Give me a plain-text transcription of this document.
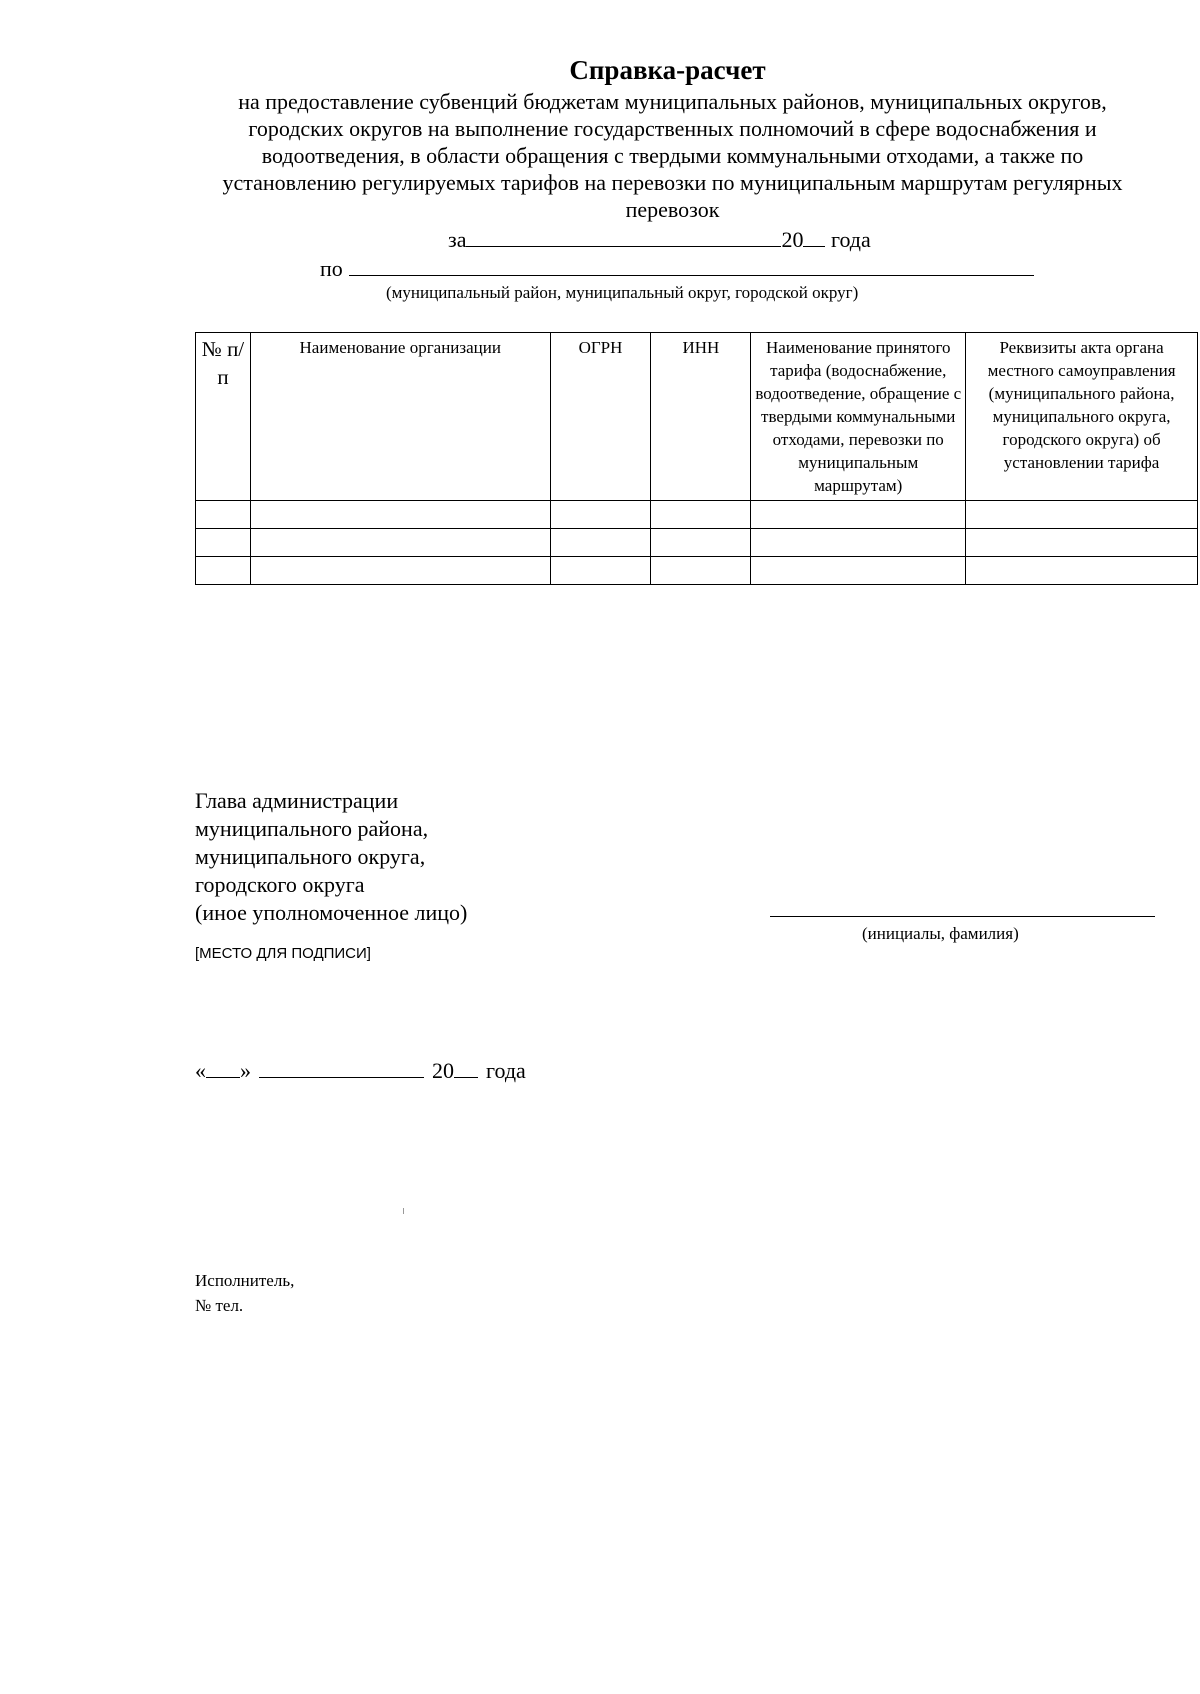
Справка-расчет
на предоставление субвенций бюджетам муниципальных районов, муниципальных округов, городских округов на выполнение государственных полномочий в сфере водоснабжения и водоотведения, в области обращения с твердыми коммунальными отходами, а также по установлению регулируемых тарифов на перевозки по муниципальным маршрутам регулярных перевозок
за	20 года
по
(муниципальный район, муниципальный округ, городской округ)
№ п/п	Наименование организации	ОГРН	ИНН	Наименование принятого тарифа (водоснабжение, водоотведение, обращение с твердыми коммунальными отходами, перевозки по муниципальным маршрутам)	Реквизиты акта органа местного самоуправления (муниципального района, муниципального округа, городского округа) об установлении тарифа

Глава администрации
муниципального района,
муниципального округа,
городского округа
(иное уполномоченное лицо)
(инициалы, фамилия)
[МЕСТО ДЛЯ ПОДПИСИ]
« »	20 года
Исполнитель,
№ тел.
